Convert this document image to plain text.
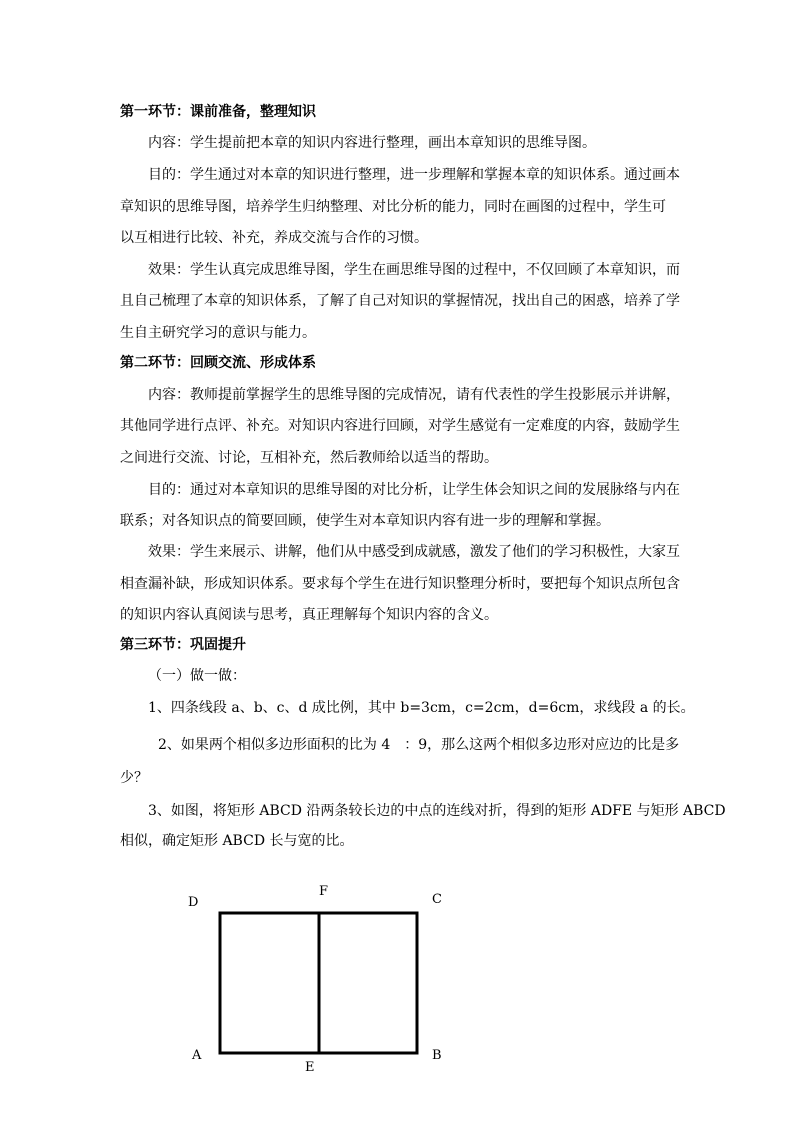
第一环节：课前准备，整理知识
内容：学生提前把本章的知识内容进行整理，画出本章知识的思维导图。
目的：学生通过对本章的知识进行整理，进一步理解和掌握本章的知识体系。通过画本
章知识的思维导图，培养学生归纳整理、对比分析的能力，同时在画图的过程中，学生可
以互相进行比较、补充，养成交流与合作的习惯。
效果：学生认真完成思维导图，学生在画思维导图的过程中，不仅回顾了本章知识，而
且自己梳理了本章的知识体系，了解了自己对知识的掌握情况，找出自己的困惑，培养了学
生自主研究学习的意识与能力。
第二环节：回顾交流、形成体系
内容：教师提前掌握学生的思维导图的完成情况，请有代表性的学生投影展示并讲解，
其他同学进行点评、补充。对知识内容进行回顾，对学生感觉有一定难度的内容，鼓励学生
之间进行交流、讨论，互相补充，然后教师给以适当的帮助。
目的：通过对本章知识的思维导图的对比分析，让学生体会知识之间的发展脉络与内在
联系；对各知识点的简要回顾，使学生对本章知识内容有进一步的理解和掌握。
效果：学生来展示、讲解，他们从中感受到成就感，激发了他们的学习积极性，大家互
相查漏补缺，形成知识体系。要求每个学生在进行知识整理分析时，要把每个知识点所包含
的知识内容认真阅读与思考，真正理解每个知识内容的含义。
第三环节：巩固提升
（一）做一做：
1、四条线段 a、b、c、d 成比例，其中 b=3cm，c=2cm，d=6cm，求线段 a 的长。
2、如果两个相似多边形面积的比为 4　：9，那么这两个相似多边形对应边的比是多
少？
3、如图，将矩形 ABCD 沿两条较长边的中点的连线对折，得到的矩形 ADFE 与矩形 ABCD
相似，确定矩形 ABCD 长与宽的比。
D
F
C
A
E
B
